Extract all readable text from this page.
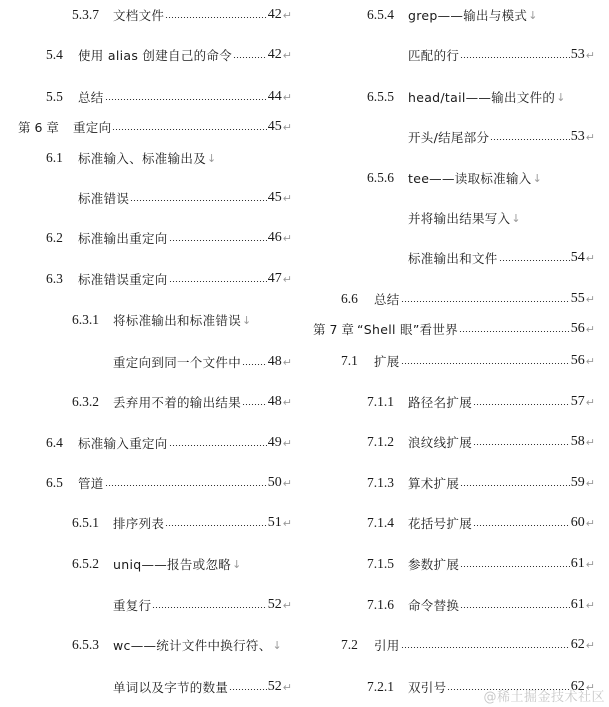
5.3.7 文档文件	42 ↵
5.4 使用 alias 创建自己的命令	42 ↵
5.5 总结	44 ↵
第 6 章 重定向	45 ↵
6.1 标准输入、标准输出及 ↓
标准错误	45 ↵
6.2 标准输出重定向	46 ↵
6.3 标准错误重定向	47 ↵
6.3.1 将标准输出和标准错误 ↓
重定向到同一个文件中 48 ↵
6.3.2 丢弃用不着的输出结果 48 ↵
6.4 标准输入重定向	49 ↵
6.5 管道	50 ↵
6.5.1 排序列表	51 ↵
6.5.2 uniq——报告或忽略 ↓
重复行	52 ↵
6.5.3 wc——统计文件中换行符、 ↓
单词以及字节的数量	52 ↵
6.5.4 grep——输出与模式 ↓
匹配的行	53 ↵
6.5.5 head/tail——输出文件的 ↓
开头/结尾部分	53 ↵
6.5.6 tee——读取标准输入 ↓
并将输出结果写入 ↓
标准输出和文件	54 ↵
6.6 总结	55 ↵
第 7 章 “Shell 眼”看世界	56 ↵
7.1 扩展	56 ↵
7.1.1 路径名扩展	57 ↵
7.1.2 浪纹线扩展	58 ↵
7.1.3 算术扩展	59 ↵
7.1.4 花括号扩展	60 ↵
7.1.5 参数扩展	61 ↵
7.1.6 命令替换	61 ↵
7.2 引用	62 ↵
7.2.1 双引号	62 ↵
@稀土掘金技术社区
